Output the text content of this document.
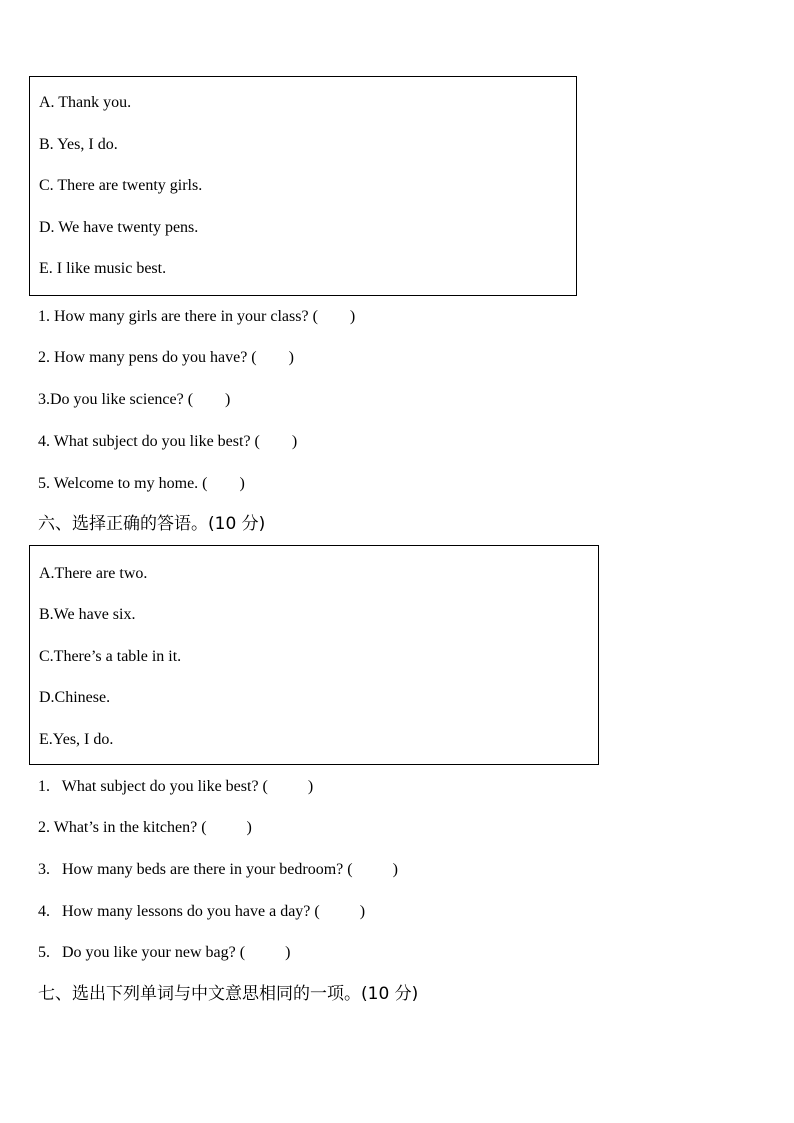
A. Thank you.
B. Yes, I do.
C. There are twenty girls.
D. We have twenty pens.
E. I like music best.
1. How many girls are there in your class? (        )
2. How many pens do you have? (        )
3.Do you like science? (        )
4. What subject do you like best? (        )
5. Welcome to my home. (        )
六、选择正确的答语。(10 分)
A.There are two.
B.We have six.
C.There’s a table in it.
D.Chinese.
E.Yes, I do.
1.   What subject do you like best? (          )
2. What’s in the kitchen? (          )
3.   How many beds are there in your bedroom? (          )
4.   How many lessons do you have a day? (          )
5.   Do you like your new bag? (          )
七、选出下列单词与中文意思相同的一项。(10 分)
